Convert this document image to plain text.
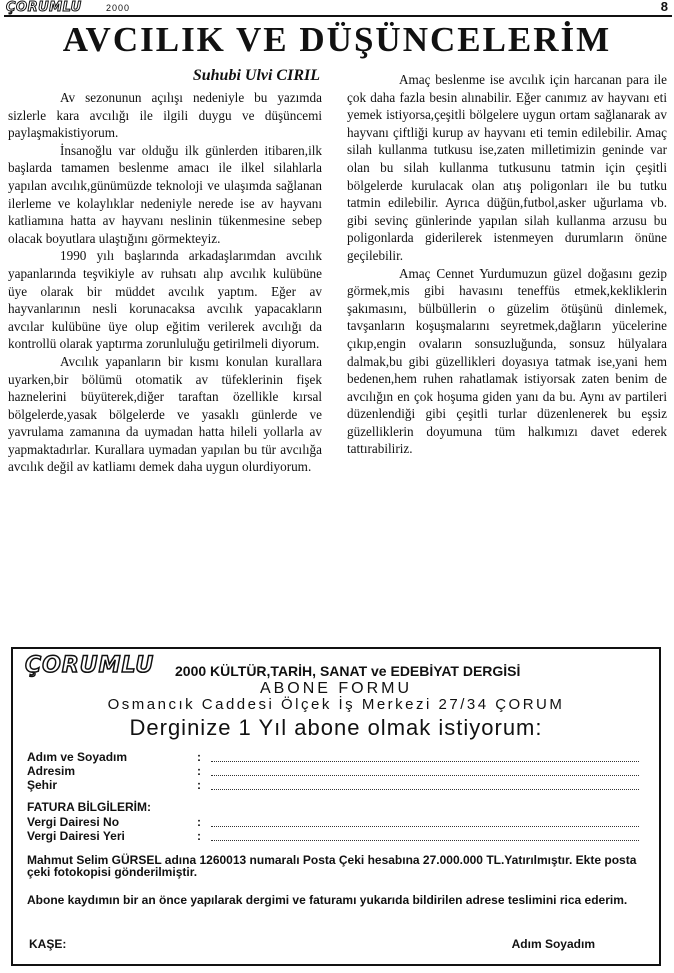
ÇORUMLU	2000	8
AVCILIK VE DÜŞÜNCELERİM
Suhubi Ulvi CIRIL

Av sezonunun açılışı nedeniyle bu yazımda sizlerle kara avcılığı ile ilgili duygu ve düşüncemi paylaşmakistiyorum.

İnsanoğlu var olduğu ilk günlerden itibaren,ilk başlarda tamamen beslenme amacı ile ilkel silahlarla yapılan avcılık,günümüzde teknoloji ve ulaşımda sağlanan ilerleme ve kolaylıklar nedeniyle nerede ise av hayvanı katliamına hatta av hayvanı neslinin tükenmesine sebep olacak boyutlara ulaştığını görmekteyiz.

1990 yılı başlarında arkadaşlarımdan avcılık yapanlarında teşvikiyle av ruhsatı alıp avcılık kulübüne üye olarak bir müddet avcılık yaptım. Eğer av hayvanlarının nesli korunacaksa avcılık yapacakların avcılar kulübüne üye olup eğitim verilerek avcılığı da kontrollü olarak yaptırma zorunluluğu getirilmeli diyorum.

Avcılık yapanların bir kısmı konulan kurallara uyarken,bir bölümü otomatik av tüfeklerinin fişek haznelerini büyüterek,diğer taraftan özellikle kırsal bölgelerde,yasak bölgelerde ve yasaklı günlerde ve yavrulama zamanına da uymadan hatta hileli yollarla av yapmaktadırlar. Kurallara uymadan yapılan bu tür avcılığa avcılık değil av katliamı demek daha uygun olurdiyorum.

Amaç beslenme ise avcılık için harcanan para ile çok daha fazla besin alınabilir. Eğer canımız av hayvanı eti yemek istiyorsa,çeşitli bölgelere uygun ortam sağlanarak av hayvanı çiftliği kurup av hayvanı eti temin edilebilir. Amaç silah kullanma tutkusu ise,zaten milletimizin geninde var olan bu silah kullanma tutkusunu tatmin için çeşitli bölgelerde kurulacak olan atış poligonları ile bu tutku tatmin edilebilir. Ayrıca düğün,futbol,asker uğurlama vb. gibi sevinç günlerinde yapılan silah kullanma arzusu bu poligonlarda giderilerek istenmeyen durumların önüne geçilebilir.

Amaç Cennet Yurdumuzun güzel doğasını gezip görmek,mis gibi havasını teneffüs etmek,kekliklerin şakımasını, bülbüllerin o güzelim ötüşünü dinlemek, tavşanların koşuşmalarını seyretmek,dağların yücelerine çıkıp,engin ovaların sonsuzluğunda, sonsuz hülyalara dalmak,bu gibi güzellikleri doyasıya tatmak ise,yani hem bedenen,hem ruhen rahatlamak istiyorsak zaten benim de avcılığın en çok hoşuma giden yanı da bu. Aynı av partileri düzenlendiği gibi çeşitli turlar düzenlenerek bu eşsiz güzelliklerin doyumuna tüm halkımızı davet ederek tattırabiliriz.

ÇORUMLU 2000 KÜLTÜR,TARİH, SANAT ve EDEBİYAT DERGİSİ
ABONE FORMU
Osmancık Caddesi Ölçek İş Merkezi 27/34 ÇORUM
Derginize 1 Yıl abone olmak istiyorum:
Adım ve Soyadım	:
Adresim	:
Şehir	:
FATURA BİLGİLERİM:
Vergi Dairesi No	:
Vergi Dairesi Yeri	:
Mahmut Selim GÜRSEL adına 1260013 numaralı Posta Çeki hesabına 27.000.000 TL.Yatırılmıştır. Ekte posta çeki fotokopisi gönderilmiştir.
Abone kaydımın bir an önce yapılarak dergimi ve faturamı yukarıda bildirilen adrese teslimini rica ederim.
KAŞE:	Adım Soyadım
